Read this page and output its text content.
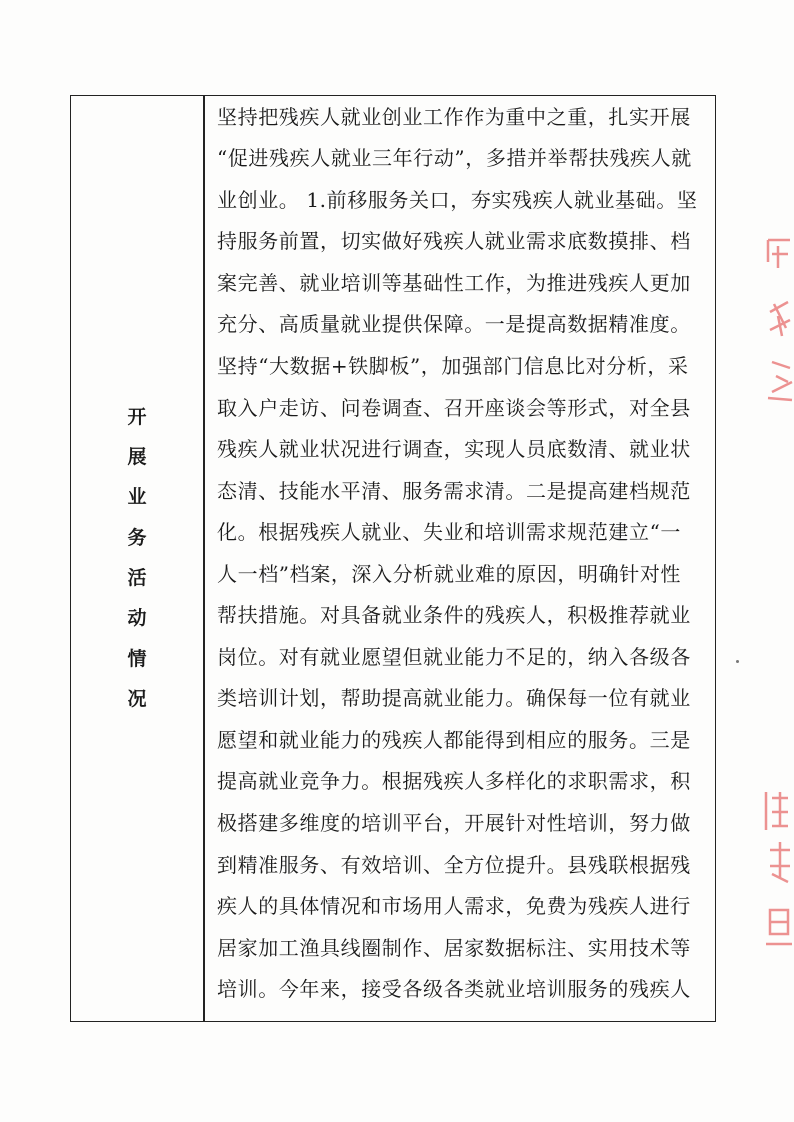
开
展
业
务
活
动
情
况
坚持把残疾人就业创业工作作为重中之重，扎实开展
“促进残疾人就业三年行动”，多措并举帮扶残疾人就
业创业。 1.前移服务关口，夯实残疾人就业基础。坚
持服务前置，切实做好残疾人就业需求底数摸排、档
案完善、就业培训等基础性工作，为推进残疾人更加
充分、高质量就业提供保障。一是提高数据精准度。
坚持“大数据+铁脚板”，加强部门信息比对分析，采
取入户走访、问卷调查、召开座谈会等形式，对全县
残疾人就业状况进行调查，实现人员底数清、就业状
态清、技能水平清、服务需求清。二是提高建档规范
化。根据残疾人就业、失业和培训需求规范建立“一
人一档”档案，深入分析就业难的原因，明确针对性
帮扶措施。对具备就业条件的残疾人，积极推荐就业
岗位。对有就业愿望但就业能力不足的，纳入各级各
类培训计划，帮助提高就业能力。确保每一位有就业
愿望和就业能力的残疾人都能得到相应的服务。三是
提高就业竞争力。根据残疾人多样化的求职需求，积
极搭建多维度的培训平台，开展针对性培训，努力做
到精准服务、有效培训、全方位提升。县残联根据残
疾人的具体情况和市场用人需求，免费为残疾人进行
居家加工渔具线圈制作、居家数据标注、实用技术等
培训。今年来，接受各级各类就业培训服务的残疾人
